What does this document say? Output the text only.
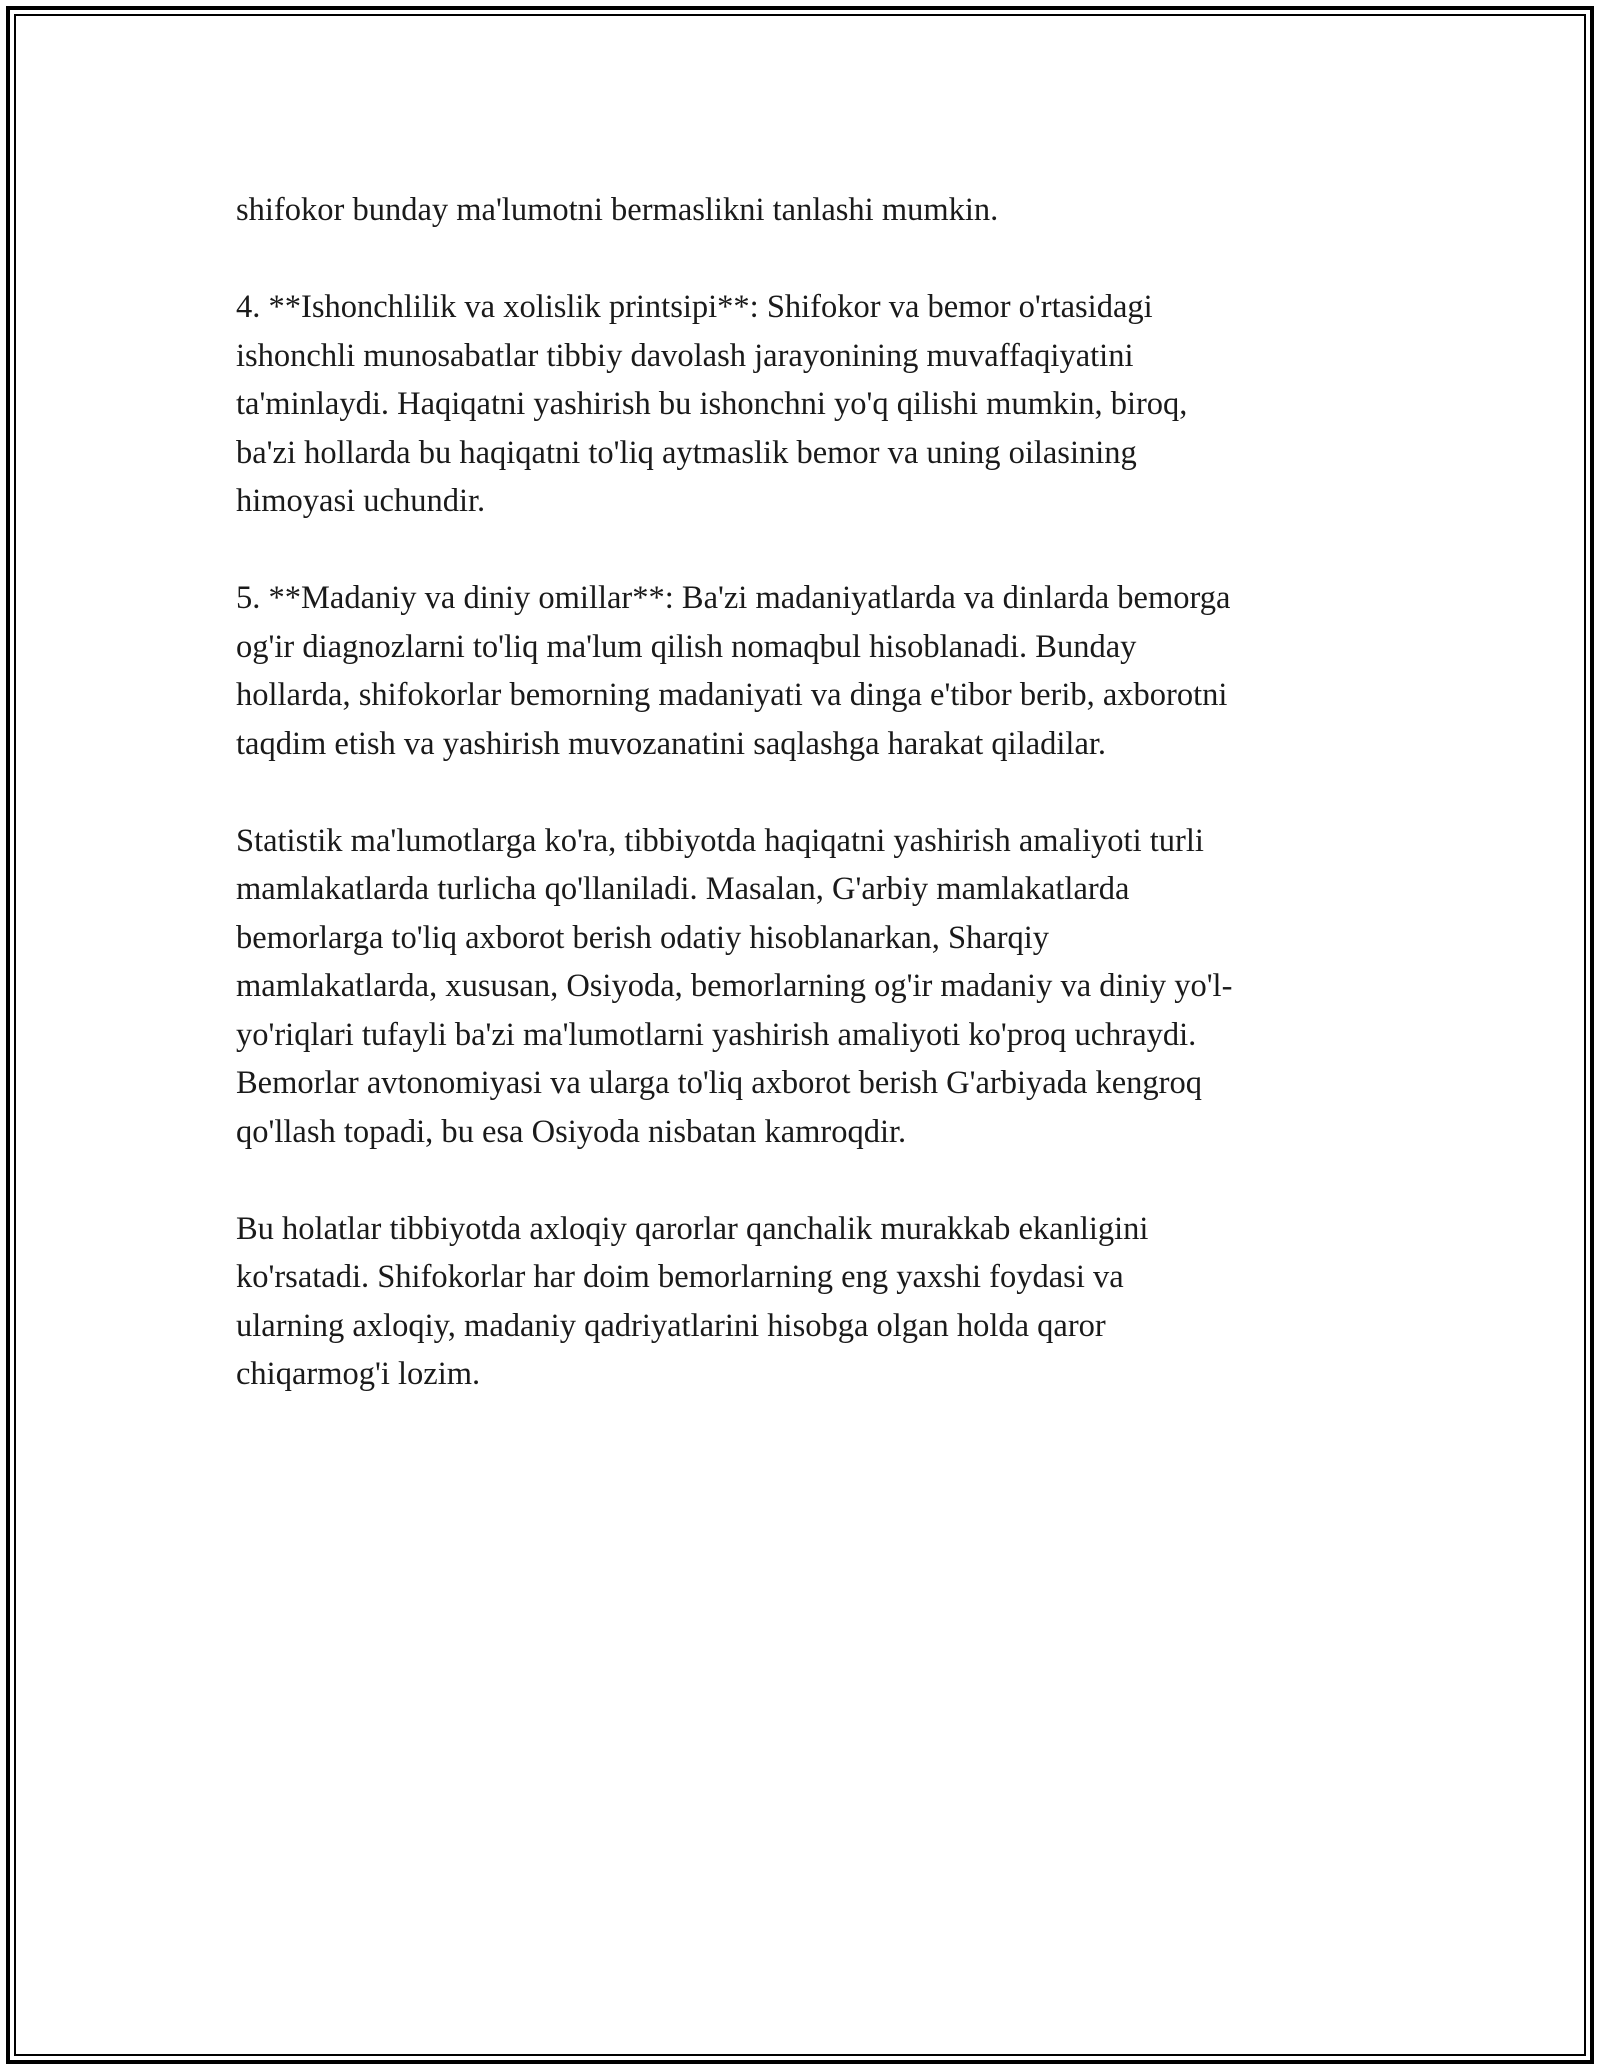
shifokor bunday ma'lumotni bermaslikni tanlashi mumkin.

4. **Ishonchlilik va xolislik printsipi**: Shifokor va bemor o'rtasidagi
ishonchli munosabatlar tibbiy davolash jarayonining muvaffaqiyatini
ta'minlaydi. Haqiqatni yashirish bu ishonchni yo'q qilishi mumkin, biroq,
ba'zi hollarda bu haqiqatni to'liq aytmaslik bemor va uning oilasining
himoyasi uchundir.

5. **Madaniy va diniy omillar**: Ba'zi madaniyatlarda va dinlarda bemorga
og'ir diagnozlarni to'liq ma'lum qilish nomaqbul hisoblanadi. Bunday
hollarda, shifokorlar bemorning madaniyati va dinga e'tibor berib, axborotni
taqdim etish va yashirish muvozanatini saqlashga harakat qiladilar.

Statistik ma'lumotlarga ko'ra, tibbiyotda haqiqatni yashirish amaliyoti turli
mamlakatlarda turlicha qo'llaniladi. Masalan, G'arbiy mamlakatlarda
bemorlarga to'liq axborot berish odatiy hisoblanarkan, Sharqiy
mamlakatlarda, xususan, Osiyoda, bemorlarning og'ir madaniy va diniy yo'l-
yo'riqlari tufayli ba'zi ma'lumotlarni yashirish amaliyoti ko'proq uchraydi.
Bemorlar avtonomiyasi va ularga to'liq axborot berish G'arbiyada kengroq
qo'llash topadi, bu esa Osiyoda nisbatan kamroqdir.

Bu holatlar tibbiyotda axloqiy qarorlar qanchalik murakkab ekanligini
ko'rsatadi. Shifokorlar har doim bemorlarning eng yaxshi foydasi va
ularning axloqiy, madaniy qadriyatlarini hisobga olgan holda qaror
chiqarmog'i lozim.
